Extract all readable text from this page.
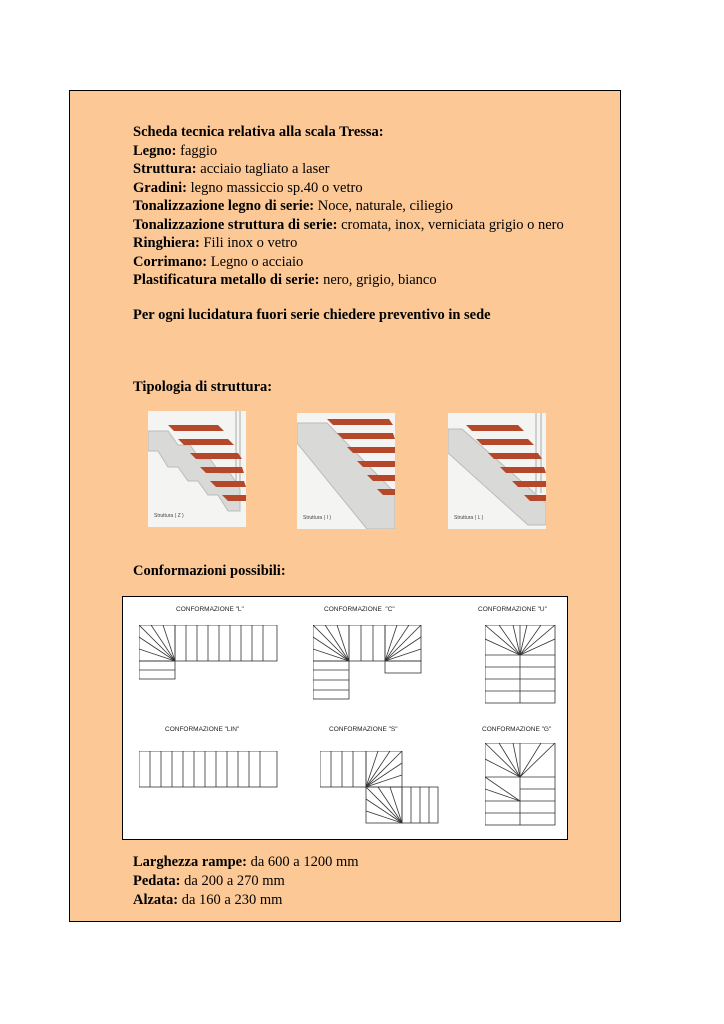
Scheda tecnica relativa alla scala Tressa:
Legno: faggio
Struttura: acciaio tagliato a laser
Gradini: legno massiccio sp.40 o vetro
Tonalizzazione legno di serie: Noce, naturale, ciliegio
Tonalizzazione struttura di serie: cromata, inox, verniciata grigio o nero
Ringhiera: Fili inox o vetro
Corrimano: Legno o acciaio
Plastificatura metallo di serie: nero, grigio, bianco
Per ogni lucidatura fuori serie chiedere preventivo in sede
Tipologia di struttura:
Struttura ( Z )	Struttura ( I )	Struttura ( L )
Conformazioni possibili:
CONFORMAZIONE "L"	CONFORMAZIONE  "C"	CONFORMAZIONE "U"
CONFORMAZIONE "LIN"	CONFORMAZIONE "S"	CONFORMAZIONE "G"
Larghezza rampe: da 600 a 1200 mm
Pedata: da 200 a 270 mm
Alzata: da 160 a 230 mm
